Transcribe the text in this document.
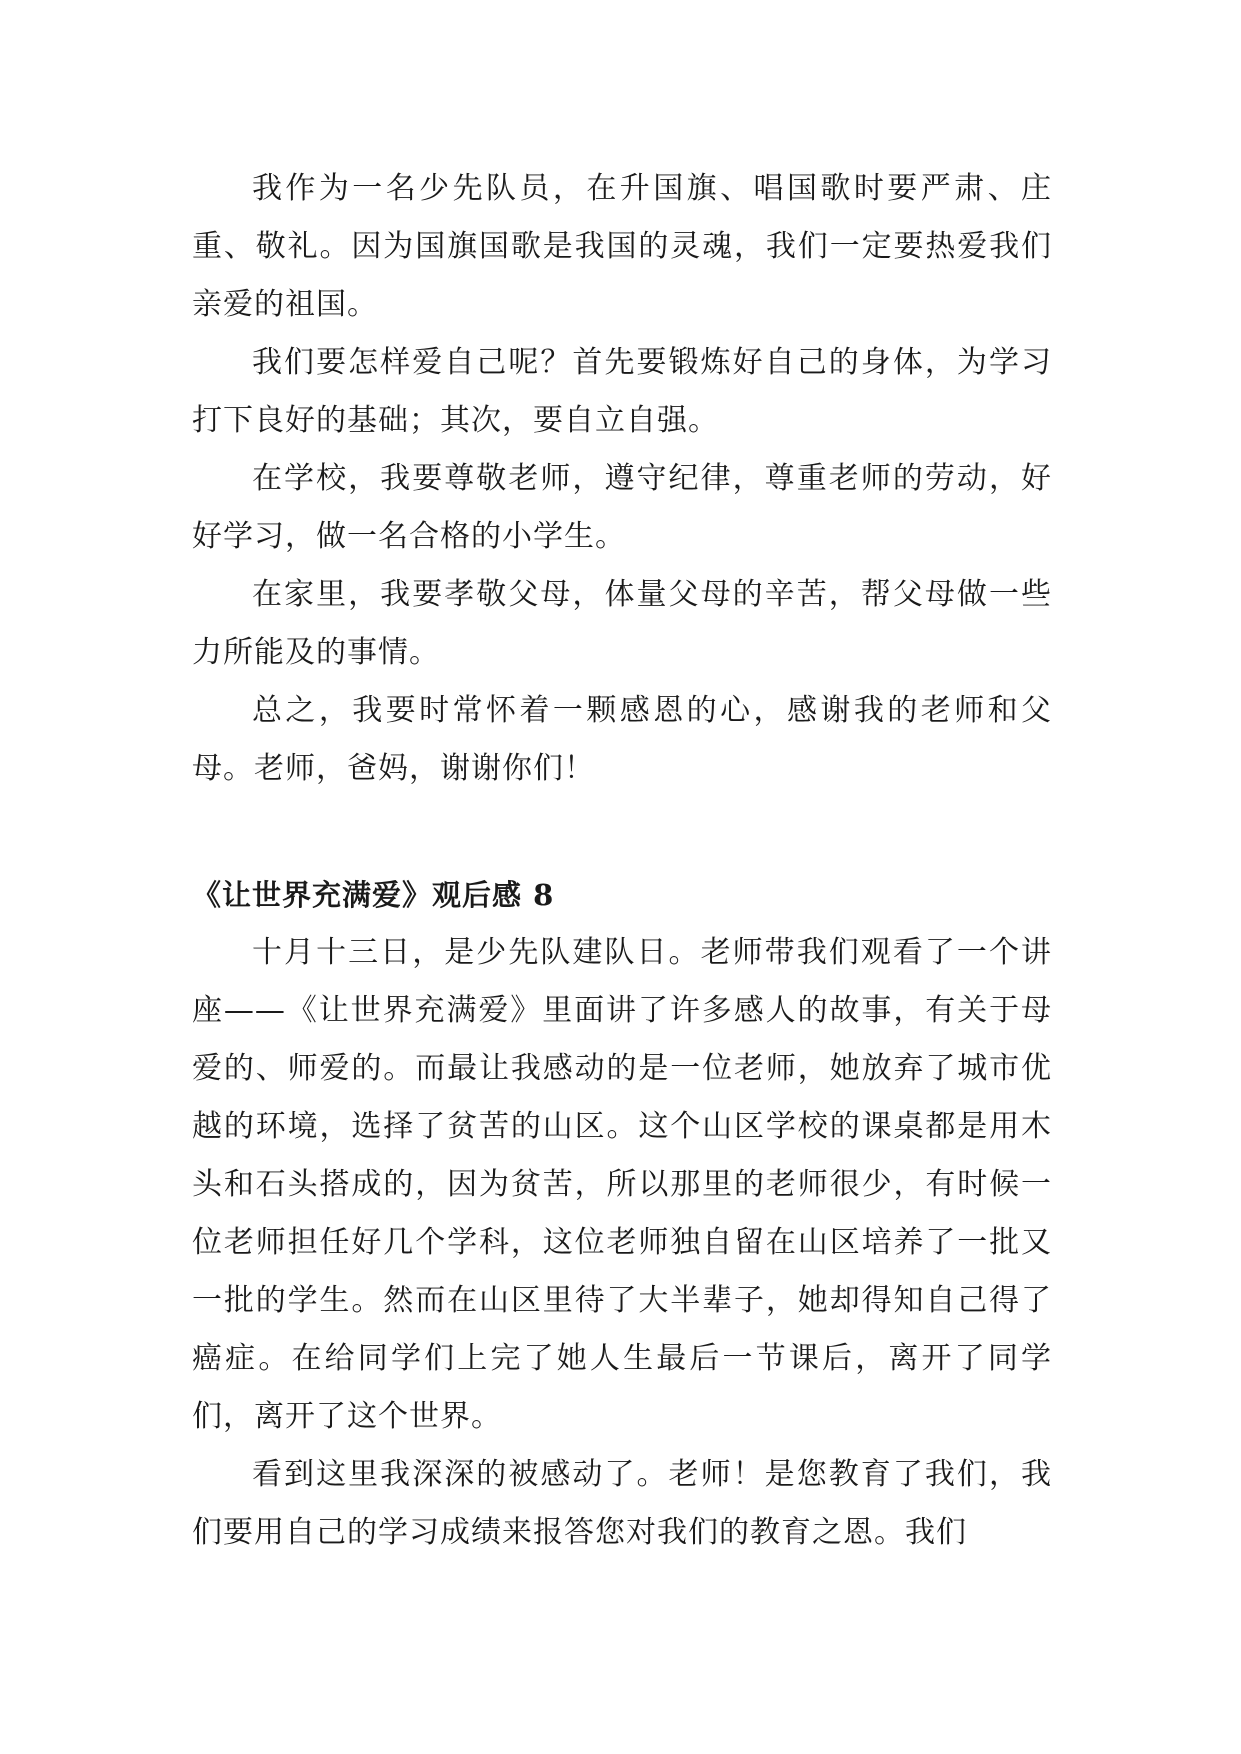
我作为一名少先队员，在升国旗、唱国歌时要严肃、庄重、敬礼。因为国旗国歌是我国的灵魂，我们一定要热爱我们亲爱的祖国。

我们要怎样爱自己呢？首先要锻炼好自己的身体，为学习打下良好的基础；其次，要自立自强。

在学校，我要尊敬老师，遵守纪律，尊重老师的劳动，好好学习，做一名合格的小学生。

在家里，我要孝敬父母，体量父母的辛苦，帮父母做一些力所能及的事情。

总之，我要时常怀着一颗感恩的心，感谢我的老师和父母。老师，爸妈，谢谢你们！

《让世界充满爱》观后感 8

十月十三日，是少先队建队日。老师带我们观看了一个讲座——《让世界充满爱》里面讲了许多感人的故事，有关于母爱的、师爱的。而最让我感动的是一位老师，她放弃了城市优越的环境，选择了贫苦的山区。这个山区学校的课桌都是用木头和石头搭成的，因为贫苦，所以那里的老师很少，有时候一位老师担任好几个学科，这位老师独自留在山区培养了一批又一批的学生。然而在山区里待了大半辈子，她却得知自己得了癌症。在给同学们上完了她人生最后一节课后，离开了同学们，离开了这个世界。

看到这里我深深的被感动了。老师！是您教育了我们，我们要用自己的学习成绩来报答您对我们的教育之恩。我们
